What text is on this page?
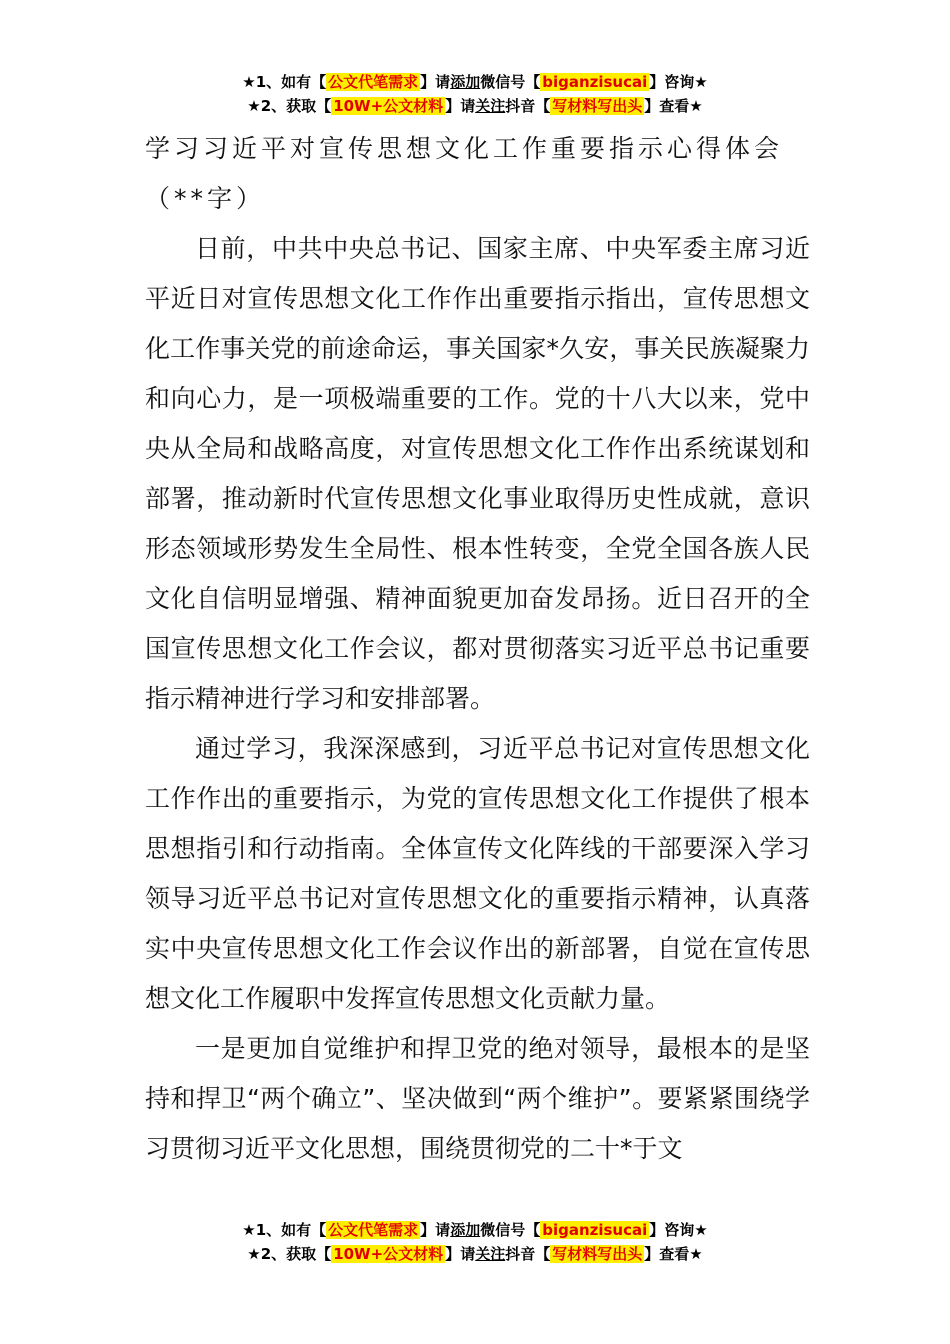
★1、如有【 公文代笔需求 】请添加微信号【 biganzisucai 】咨询★
★2、获取【 10W+公文材料 】请关注抖音【 写材料写出头 】查看★
学习习近平对宣传思想文化工作重要指示心得体会（**字）

日前，中共中央总书记、国家主席、中央军委主席习近平近日对宣传思想文化工作作出重要指示指出，宣传思想文化工作事关党的前途命运，事关国家*久安，事关民族凝聚力和向心力，是一项极端重要的工作。党的十八大以来，党中央从全局和战略高度，对宣传思想文化工作作出系统谋划和部署，推动新时代宣传思想文化事业取得历史性成就，意识形态领域形势发生全局性、根本性转变，全党全国各族人民文化自信明显增强、精神面貌更加奋发昂扬。近日召开的全国宣传思想文化工作会议，都对贯彻落实习近平总书记重要指示精神进行学习和安排部署。

通过学习，我深深感到，习近平总书记对宣传思想文化工作作出的重要指示，为党的宣传思想文化工作提供了根本思想指引和行动指南。全体宣传文化阵线的干部要深入学习领导习近平总书记对宣传思想文化的重要指示精神，认真落实中央宣传思想文化工作会议作出的新部署，自觉在宣传思想文化工作履职中发挥宣传思想文化贡献力量。

一是更加自觉维护和捍卫党的绝对领导，最根本的是坚持和捍卫“两个确立”、坚决做到“两个维护”。要紧紧围绕学习贯彻习近平文化思想，围绕贯彻党的二十*于文

★1、如有【 公文代笔需求 】请添加微信号【 biganzisucai 】咨询★
★2、获取【 10W+公文材料 】请关注抖音【 写材料写出头 】查看★
